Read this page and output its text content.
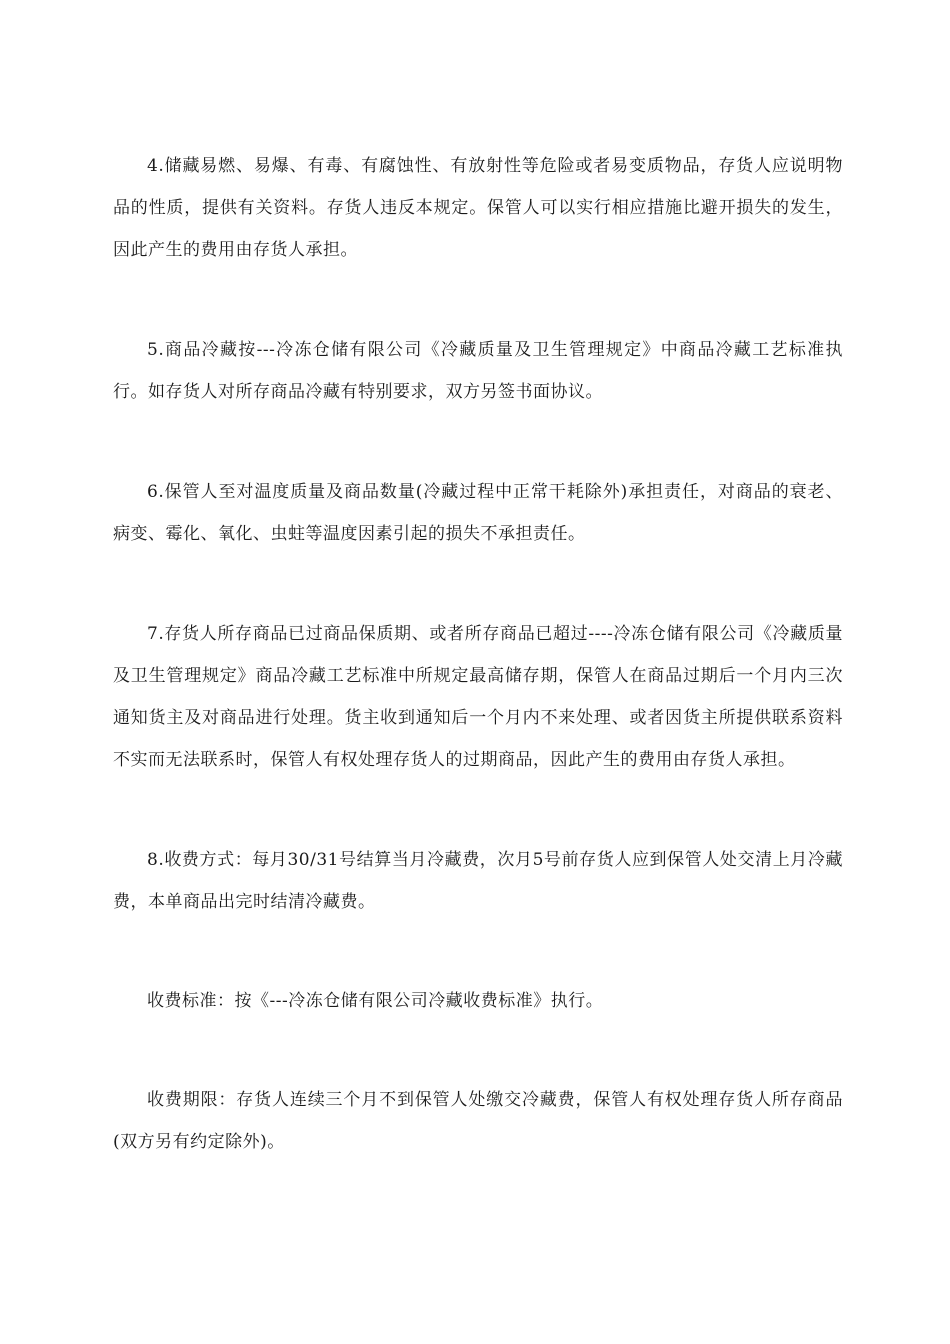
4.储藏易燃、易爆、有毒、有腐蚀性、有放射性等危险或者易变质物品，存货人应说明物品的性质，提供有关资料。存货人违反本规定。保管人可以实行相应措施比避开损失的发生，因此产生的费用由存货人承担。

5.商品冷藏按---冷冻仓储有限公司《冷藏质量及卫生管理规定》中商品冷藏工艺标准执行。如存货人对所存商品冷藏有特别要求，双方另签书面协议。

6.保管人至对温度质量及商品数量(冷藏过程中正常干耗除外)承担责任，对商品的衰老、病变、霉化、氧化、虫蛀等温度因素引起的损失不承担责任。

7.存货人所存商品已过商品保质期、或者所存商品已超过----冷冻仓储有限公司《冷藏质量及卫生管理规定》商品冷藏工艺标准中所规定最高储存期，保管人在商品过期后一个月内三次通知货主及对商品进行处理。货主收到通知后一个月内不来处理、或者因货主所提供联系资料不实而无法联系时，保管人有权处理存货人的过期商品，因此产生的费用由存货人承担。

8.收费方式：每月30/31号结算当月冷藏费，次月5号前存货人应到保管人处交清上月冷藏费，本单商品出完时结清冷藏费。

收费标准：按《---冷冻仓储有限公司冷藏收费标准》执行。

收费期限：存货人连续三个月不到保管人处缴交冷藏费，保管人有权处理存货人所存商品(双方另有约定除外)。
